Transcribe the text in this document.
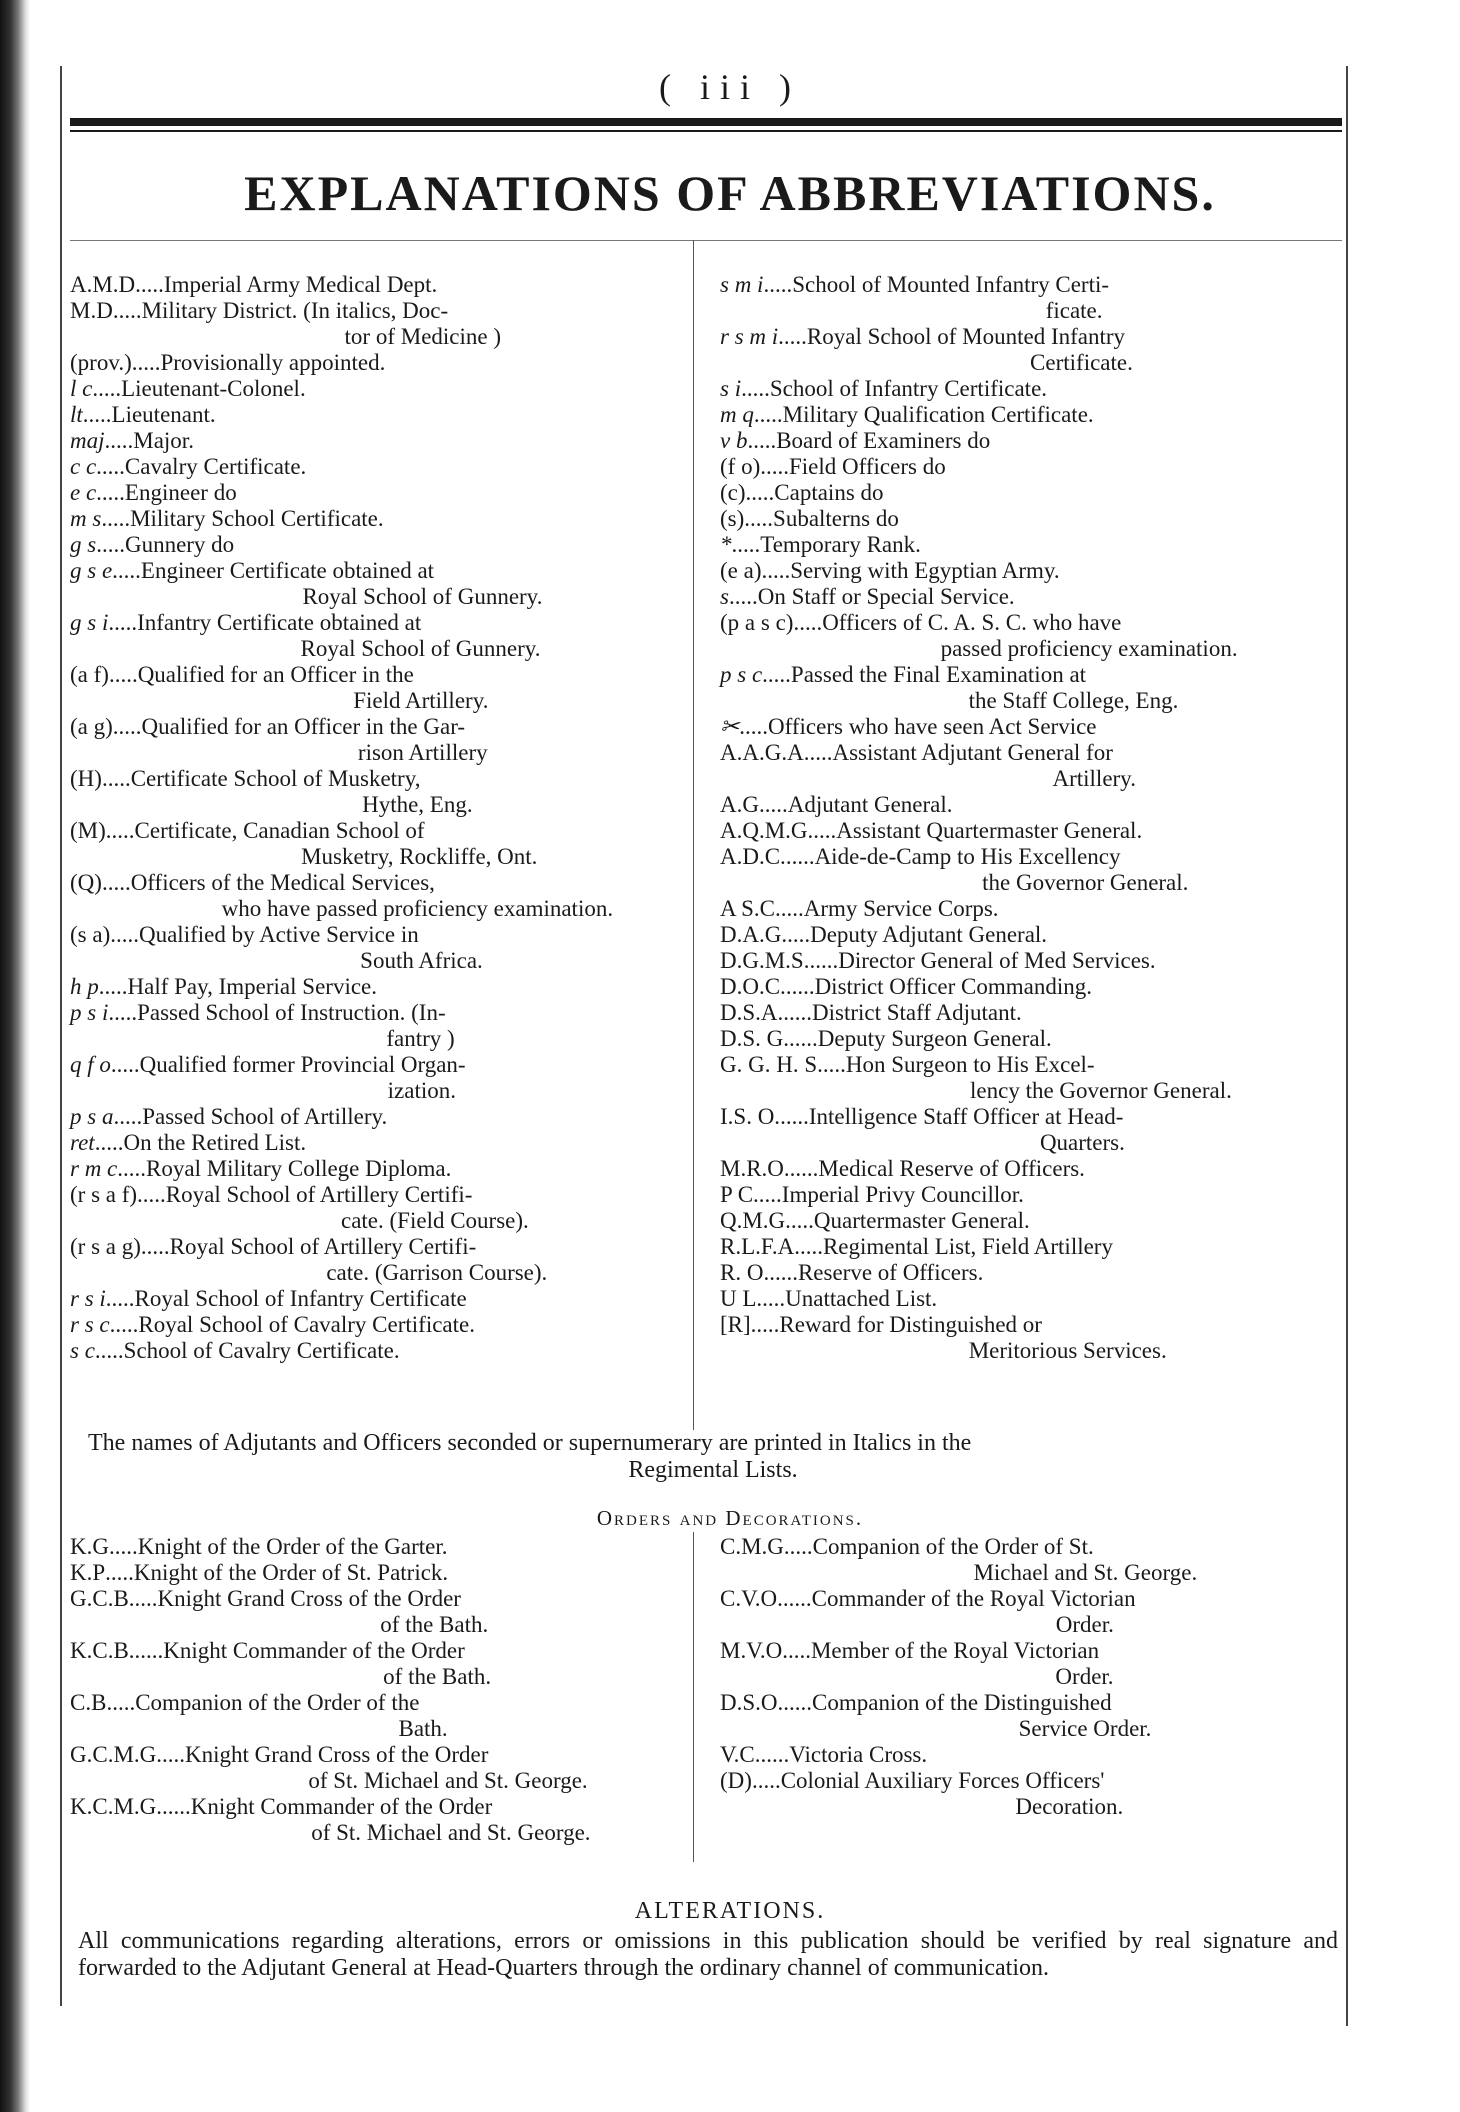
( iii )
EXPLANATIONS OF ABBREVIATIONS.
A.M.D ..... Imperial Army Medical Dept.
M.D ..... Military District. (In italics, Doc-
tor of Medicine )
(prov.) ..... Provisionally appointed.
l c ..... Lieutenant-Colonel.
lt ..... Lieutenant.
maj ..... Major.
c c ..... Cavalry Certificate.
e c ..... Engineer do
m s ..... Military School Certificate.
g s ..... Gunnery do
g s e ..... Engineer Certificate obtained at
Royal School of Gunnery.
g s i ..... Infantry Certificate obtained at
Royal School of Gunnery.
(a f) ..... Qualified for an Officer in the
Field Artillery.
(a g) ..... Qualified for an Officer in the Gar-
rison Artillery
(H) ..... Certificate School of Musketry,
Hythe, Eng.
(M) ..... Certificate, Canadian School of
Musketry, Rockliffe, Ont.
(Q) ..... Officers of the Medical Services,
who have passed proficiency examination.
(s a) ..... Qualified by Active Service in
South Africa.
h p ..... Half Pay, Imperial Service.
p s i ..... Passed School of Instruction. (In-
fantry )
q f o ..... Qualified former Provincial Organ-
ization.
p s a ..... Passed School of Artillery.
ret ..... On the Retired List.
r m c ..... Royal Military College Diploma.
(r s a f) ..... Royal School of Artillery Certifi-
cate. (Field Course).
(r s a g) ..... Royal School of Artillery Certifi-
cate. (Garrison Course).
r s i ..... Royal School of Infantry Certificate
r s c ..... Royal School of Cavalry Certificate.
s c ..... School of Cavalry Certificate.
s m i ..... School of Mounted Infantry Certi-
ficate.
r s m i ..... Royal School of Mounted Infantry
Certificate.
s i ..... School of Infantry Certificate.
m q ..... Military Qualification Certificate.
v b ..... Board of Examiners do
(f o) ..... Field Officers do
(c) ..... Captains do
(s) ..... Subalterns do
* ..... Temporary Rank.
(e a) ..... Serving with Egyptian Army.
s ..... On Staff or Special Service.
(p a s c) ..... Officers of C. A. S. C. who have
passed proficiency examination.
p s c ..... Passed the Final Examination at
the Staff College, Eng.
✂ ..... Officers who have seen Act Service
A.A.G.A ..... Assistant Adjutant General for
Artillery.
A.G ..... Adjutant General.
A.Q.M.G ..... Assistant Quartermaster General.
A.D.C. ..... Aide-de-Camp to His Excellency
the Governor General.
A S.C ..... Army Service Corps.
D.A.G ..... Deputy Adjutant General.
D.G.M.S. ..... Director General of Med Services.
D.O.C. ..... District Officer Commanding.
D.S.A. ..... District Staff Adjutant.
D.S. G. ..... Deputy Surgeon General.
G. G. H. S ..... Hon Surgeon to His Excel-
lency the Governor General.
I.S. O. ..... Intelligence Staff Officer at Head-
Quarters.
M.R.O. ..... Medical Reserve of Officers.
P C ..... Imperial Privy Councillor.
Q.M.G ..... Quartermaster General.
R.L.F.A ..... Regimental List, Field Artillery
R. O. ..... Reserve of Officers.
U L ..... Unattached List.
[R] ..... Reward for Distinguished or
Meritorious Services.
The names of Adjutants and Officers seconded or supernumerary are printed in Italics in the
Regimental Lists.
Orders and Decorations.
K.G ..... Knight of the Order of the Garter.
K.P ..... Knight of the Order of St. Patrick.
G.C.B ..... Knight Grand Cross of the Order
of the Bath.
K.C.B. ..... Knight Commander of the Order
of the Bath.
C.B ..... Companion of the Order of the
Bath.
G.C.M.G ..... Knight Grand Cross of the Order
of St. Michael and St. George.
K.C.M.G. ..... Knight Commander of the Order
of St. Michael and St. George.
C.M.G ..... Companion of the Order of St.
Michael and St. George.
C.V.O. ..... Commander of the Royal Victorian
Order.
M.V.O ..... Member of the Royal Victorian
Order.
D.S.O. ..... Companion of the Distinguished
Service Order.
V.C. ..... Victoria Cross.
(D) ..... Colonial Auxiliary Forces Officers'
Decoration.
ALTERATIONS.
All communications regarding alterations, errors or omissions in this publication should be verified by real signature and forwarded to the Adjutant General at Head-Quarters through the ordinary channel of communication.
